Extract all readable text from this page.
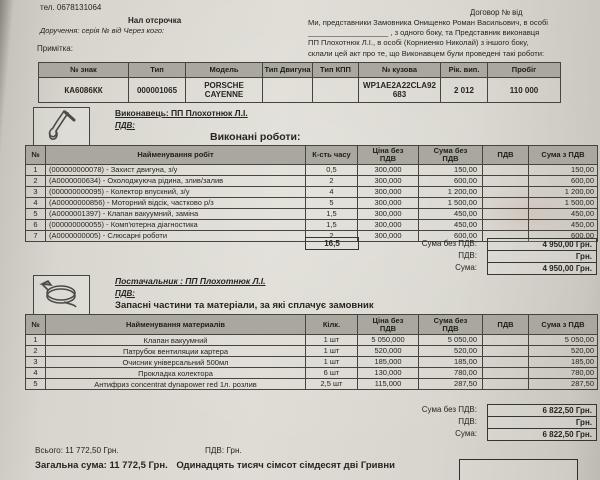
тел. 0678131064
Нал отсрочка
Доручення: серія № від Через кого:
Примітка:
Договор № від
Ми, представники Замовника Онищенко Роман Васильович, в особі
___________________ , з одного боку, та Представник виконавця
ПП Плохотнюк Л.І., в особі (Корниенко Николай) з іншого боку,
склали цей акт про те, що Виконавцем були проведені такі роботи:
№ знак	Тип	Модель	Тип Двигуна	Тип КПП	№ кузова	Рік. вип.	Пробіг
КА6086КК	000001065	PORSCHE CAYENNE			WP1AE2A22CLA92683	2 012	110 000
Виконавець: ПП Плохотнюк Л.І.
ПДВ:
Виконані роботи:
№	Найменування робіт	К-сть часу	Ціна без ПДВ	Сума без ПДВ	ПДВ	Сума з ПДВ
1	(000000000078) - Захист двигуна, з/у	0,5	300,000	150,00		150,00
2	(A0000000634) - Охолоджуюча рідина, злив/залив	2	300,000	600,00		600,00
3	(000000000095) - Колектор впускний, з/у	4	300,000	1 200,00		1 200,00
4	(A00000000856) - Моторний відсік, частково р/з	5	300,000	1 500,00		1 500,00
5	(A0000001397) - Клапан вакуумний, заміна	1,5	300,000	450,00		450,00
6	(000000000055) - Комп'ютерна діагностика	1,5	300,000	450,00		450,00
7	(A0000000005) - Слюсарні роботи	2	300,000	600,00		600,00
16,5	Сума без ПДВ:	4 950,00 Грн.
ПДВ:	Грн.
Сума:	4 950,00 Грн.
Постачальник : ПП Плохотнюк Л.І.
ПДВ:
Запасні частини та матеріали, за які сплачує замовник
№	Найменування материалів	Кілк.	Ціна без ПДВ	Сума без ПДВ	ПДВ	Сума з ПДВ
1	Клапан вакуумний	1 шт	5 050,000	5 050,00		5 050,00
2	Патрубок вентиляции картера	1 шт	520,000	520,00		520,00
3	Очисник універсальний 500мл	1 шт	185,000	185,00		185,00
4	Прокладка колектора	6 шт	130,000	780,00		780,00
5	Антифриз concentrat dynapower red 1л. розлив	2,5 шт	115,000	287,50		287,50
Сума без ПДВ:	6 822,50 Грн.
ПДВ:	Грн.
Сума:	6 822,50 Грн.
Всього: 11 772,50 Грн.	ПДВ: Грн.
Загальна сума: 11 772,5 Грн. Одинадцять тисяч сімсот сімдесят дві Гривни
